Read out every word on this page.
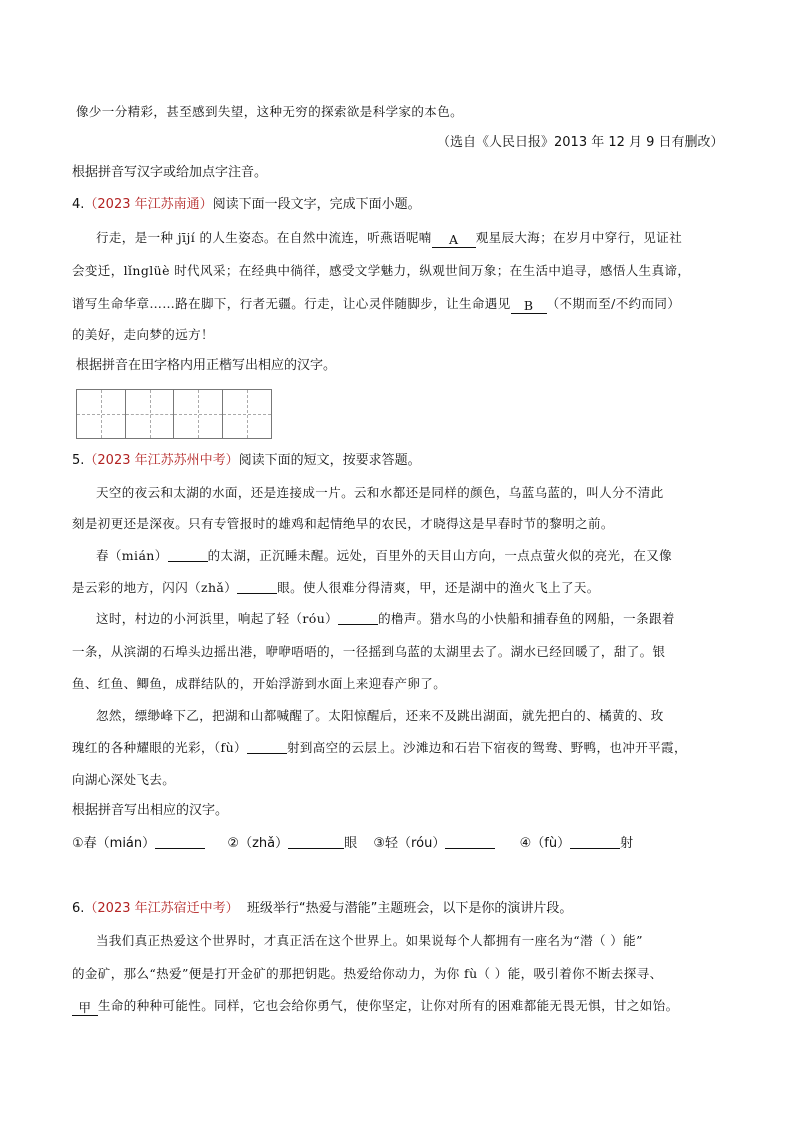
像少一分精彩，甚至感到失望，这种无穷的探索欲是科学家的本色。
（选自《人民日报》2013 年 12 月 9 日有删改）
根据拼音写汉字或给加点字注音。
4.（2023 年江苏南通）阅读下面一段文字，完成下面小题。
行走，是一种 jījí 的人生姿态。在自然中流连，听燕语呢喃 A 观星辰大海；在岁月中穿行，见证社
会变迁，lǐnglüè 时代风采；在经典中徜徉，感受文学魅力，纵观世间万象；在生活中追寻，感悟人生真谛，
谱写生命华章……路在脚下，行者无疆。行走，让心灵伴随脚步，让生命遇见 B （不期而至/不约而同）
的美好，走向梦的远方！
根据拼音在田字格内用正楷写出相应的汉字。
5.（2023 年江苏苏州中考）阅读下面的短文，按要求答题。
天空的夜云和太湖的水面，还是连接成一片。云和水都还是同样的颜色，乌蓝乌蓝的，叫人分不清此
刻是初更还是深夜。只有专管报时的雄鸡和起情绝早的农民，才晓得这是早春时节的黎明之前。
春（mián）	的太湖，正沉睡未醒。远处，百里外的天目山方向，一点点萤火似的亮光，在又像
是云彩的地方，闪闪（zhǎ）	眼。使人很难分得清爽，甲，还是湖中的渔火飞上了天。
这时，村边的小河浜里，响起了轻（róu）	的橹声。猎水鸟的小快船和捕春鱼的网船，一条跟着
一条，从滨湖的石埠头边摇出港，咿咿唔唔的，一径摇到乌蓝的太湖里去了。湖水已经回暖了，甜了。银
鱼、红鱼、鲫鱼，成群结队的，开始浮游到水面上来迎春产卵了。
忽然，缥缈峰下乙，把湖和山都喊醒了。太阳惊醒后，还来不及跳出湖面，就先把白的、橘黄的、玫
瑰红的各种耀眼的光彩，（fù）	射到高空的云层上。沙滩边和石岩下宿夜的鸳鸯、野鸭，也冲开平霞，
向湖心深处飞去。
根据拼音写出相应的汉字。
①春（mián）	②（zhǎ）	眼 ③轻（róu）	④（fù）	射
6.（2023 年江苏宿迁中考） 班级举行“热爱与潜能”主题班会，以下是你的演讲片段。
当我们真正热爱这个世界时，才真正活在这个世界上。如果说每个人都拥有一座名为“潜（ ）能”
的金矿，那么“热爱”便是打开金矿的那把钥匙。热爱给你动力，为你 fù（ ）能，吸引着你不断去探寻、
甲 生命的种种可能性。同样，它也会给你勇气，使你坚定，让你对所有的困难都能无畏无惧，甘之如饴。
